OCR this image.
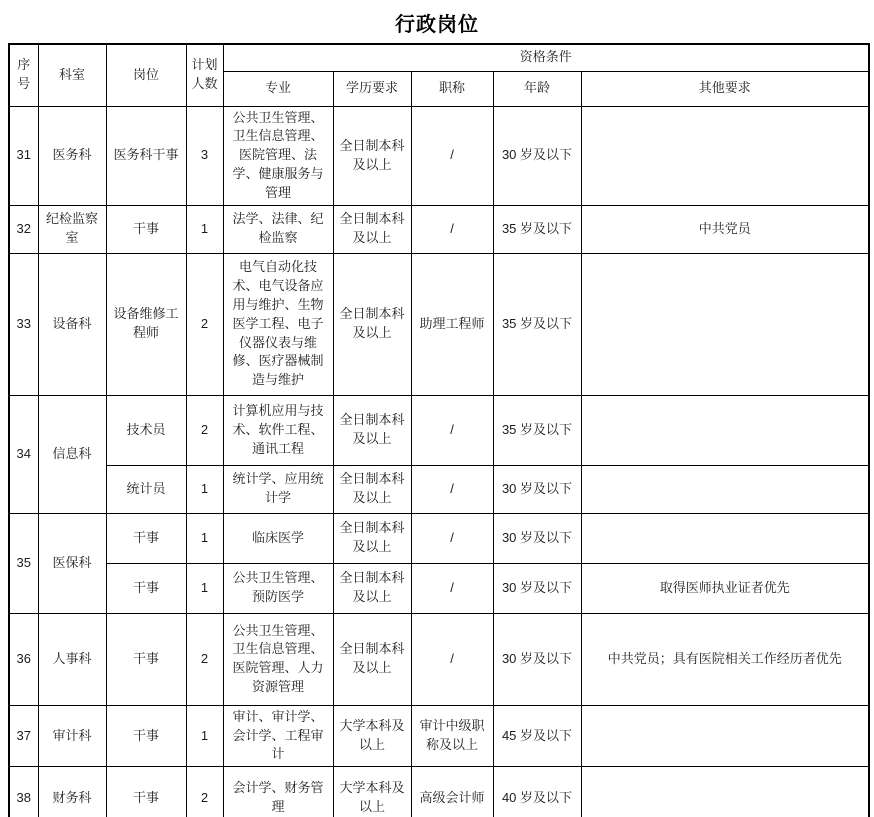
行政岗位
序号	科室	岗位	计划人数	资格条件				
				专业	学历要求	职称	年龄	其他要求
31	医务科	医务科干事	3	公共卫生管理、卫生信息管理、医院管理、法学、健康服务与管理	全日制本科及以上	/	30 岁及以下	
32	纪检监察室	干事	1	法学、法律、纪检监察	全日制本科及以上	/	35 岁及以下	中共党员
33	设备科	设备维修工程师	2	电气自动化技术、电气设备应用与维护、生物医学工程、电子仪器仪表与维修、医疗器械制造与维护	全日制本科及以上	助理工程师	35 岁及以下	
34	信息科	技术员	2	计算机应用与技术、软件工程、通讯工程	全日制本科及以上	/	35 岁及以下	
		统计员	1	统计学、应用统计学	全日制本科及以上	/	30 岁及以下	
35	医保科	干事	1	临床医学	全日制本科及以上	/	30 岁及以下	
		干事	1	公共卫生管理、预防医学	全日制本科及以上	/	30 岁及以下	取得医师执业证者优先
36	人事科	干事	2	公共卫生管理、卫生信息管理、医院管理、人力资源管理	全日制本科及以上	/	30 岁及以下	中共党员；具有医院相关工作经历者优先
37	审计科	干事	1	审计、审计学、会计学、工程审计	大学本科及以上	审计中级职称及以上	45 岁及以下	
38	财务科	干事	2	会计学、财务管理	大学本科及以上	高级会计师	40 岁及以下	
